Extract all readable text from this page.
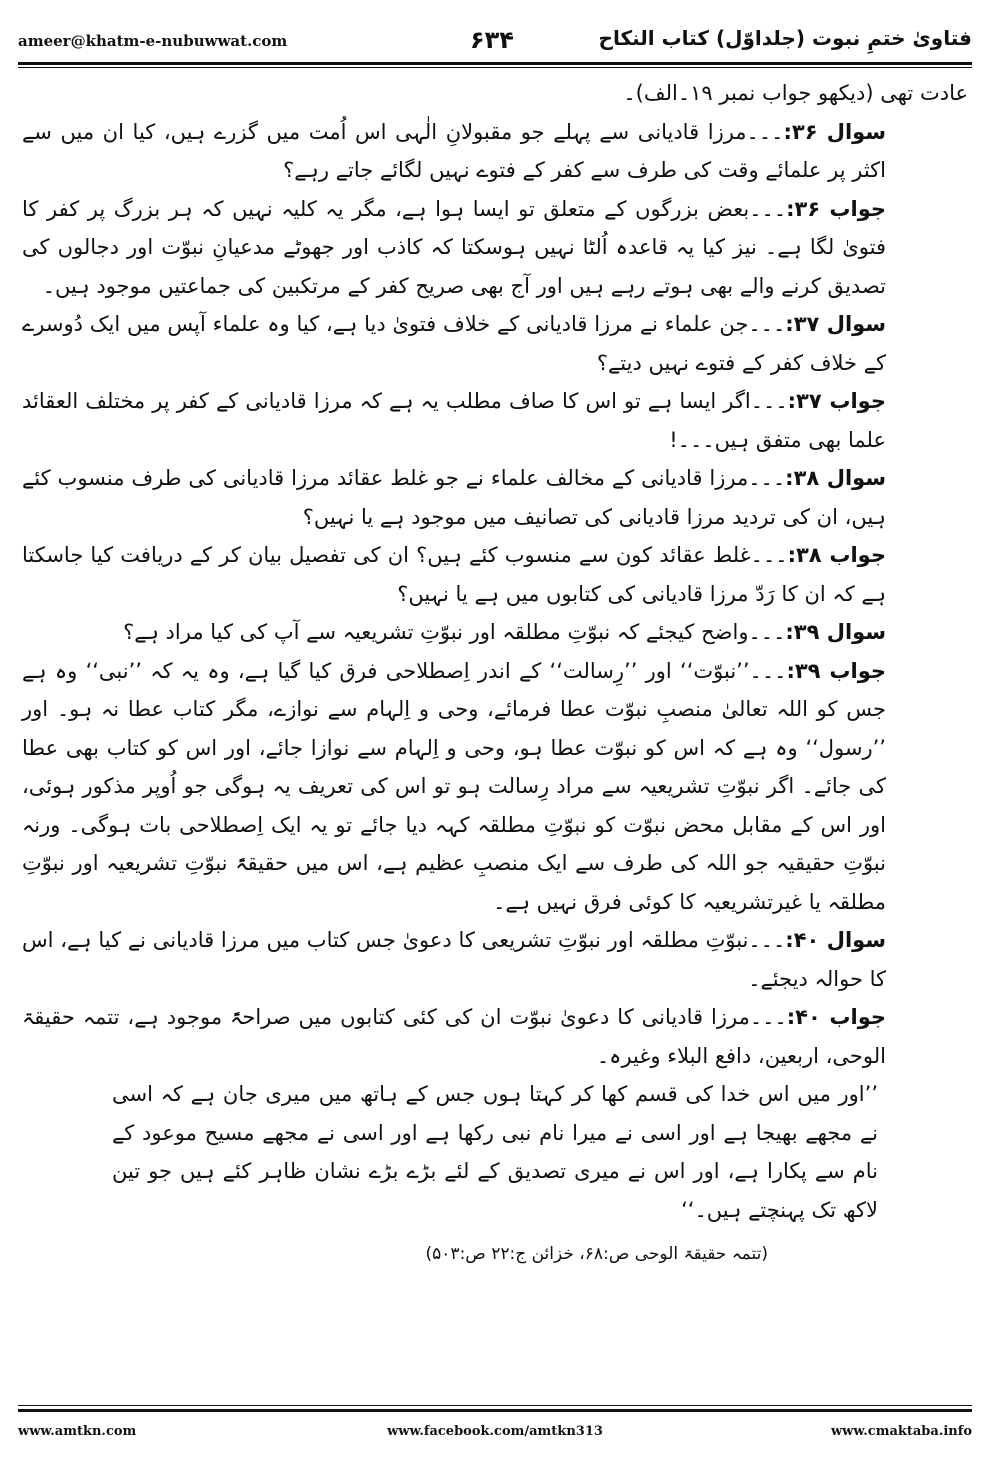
ameer@khatm-e-nubuwwat.com	۶۳۴	فتاویٰ ختمِ نبوت (جلداوّل) کتاب النکاح

عادت تھی (دیکھو جواب نمبر ۱۹۔الف)۔

سوال ۳۶:۔۔۔مرزا قادیانی سے پہلے جو مقبولانِ الٰہی اس اُمت میں گزرے ہیں، کیا ان میں سے اکثر پر علمائے وقت کی طرف سے کفر کے فتوے نہیں لگائے جاتے رہے؟

جواب ۳۶:۔۔۔بعض بزرگوں کے متعلق تو ایسا ہوا ہے، مگر یہ کلیہ نہیں کہ ہر بزرگ پر کفر کا فتویٰ لگا ہے۔ نیز کیا یہ قاعدہ اُلٹا نہیں ہوسکتا کہ کاذب اور جھوٹے مدعیانِ نبوّت اور دجالوں کی تصدیق کرنے والے بھی ہوتے رہے ہیں اور آج بھی صریح کفر کے مرتکبین کی جماعتیں موجود ہیں۔

سوال ۳۷:۔۔۔جن علماء نے مرزا قادیانی کے خلاف فتویٰ دیا ہے، کیا وہ علماء آپس میں ایک دُوسرے کے خلاف کفر کے فتوے نہیں دیتے؟

جواب ۳۷:۔۔۔اگر ایسا ہے تو اس کا صاف مطلب یہ ہے کہ مرزا قادیانی کے کفر پر مختلف العقائد علما بھی متفق ہیں۔۔۔!

سوال ۳۸:۔۔۔مرزا قادیانی کے مخالف علماء نے جو غلط عقائد مرزا قادیانی کی طرف منسوب کئے ہیں، ان کی تردید مرزا قادیانی کی تصانیف میں موجود ہے یا نہیں؟

جواب ۳۸:۔۔۔غلط عقائد کون سے منسوب کئے ہیں؟ ان کی تفصیل بیان کر کے دریافت کیا جاسکتا ہے کہ ان کا رَدّ مرزا قادیانی کی کتابوں میں ہے یا نہیں؟

سوال ۳۹:۔۔۔واضح کیجئے کہ نبوّتِ مطلقہ اور نبوّتِ تشریعیہ سے آپ کی کیا مراد ہے؟

جواب ۳۹:۔۔۔’’نبوّت‘‘ اور ’’رِسالت‘‘ کے اندر اِصطلاحی فرق کیا گیا ہے، وہ یہ کہ ’’نبی‘‘ وہ ہے جس کو اللہ تعالیٰ منصبِ نبوّت عطا فرمائے، وحی و اِلہام سے نوازے، مگر کتاب عطا نہ ہو۔ اور ’’رسول‘‘ وہ ہے کہ اس کو نبوّت عطا ہو، وحی و اِلہام سے نوازا جائے، اور اس کو کتاب بھی عطا کی جائے۔ اگر نبوّتِ تشریعیہ سے مراد رِسالت ہو تو اس کی تعریف یہ ہوگی جو اُوپر مذکور ہوئی، اور اس کے مقابل محض نبوّت کو نبوّتِ مطلقہ کہہ دیا جائے تو یہ ایک اِصطلاحی بات ہوگی۔ ورنہ نبوّتِ حقیقیہ جو اللہ کی طرف سے ایک منصبِ عظیم ہے، اس میں حقیقۃً نبوّتِ تشریعیہ اور نبوّتِ مطلقہ یا غیرتشریعیہ کا کوئی فرق نہیں ہے۔

سوال ۴۰:۔۔۔نبوّتِ مطلقہ اور نبوّتِ تشریعی کا دعویٰ جس کتاب میں مرزا قادیانی نے کیا ہے، اس کا حوالہ دیجئے۔

جواب ۴۰:۔۔۔مرزا قادیانی کا دعویٰ نبوّت ان کی کئی کتابوں میں صراحۃً موجود ہے، تتمہ حقیقۃ الوحی، اربعین، دافع البلاء وغیرہ۔

’’اور میں اس خدا کی قسم کھا کر کہتا ہوں جس کے ہاتھ میں میری جان ہے کہ اسی نے مجھے بھیجا ہے اور اسی نے میرا نام نبی رکھا ہے اور اسی نے مجھے مسیح موعود کے نام سے پکارا ہے، اور اس نے میری تصدیق کے لئے بڑے بڑے نشان ظاہر کئے ہیں جو تین لاکھ تک پہنچتے ہیں۔‘‘

(تتمہ حقیقۃ الوحی ص:۶۸، خزائن ج:۲۲ ص:۵۰۳)

www.amtkn.com	www.facebook.com/amtkn313	www.cmaktaba.info
